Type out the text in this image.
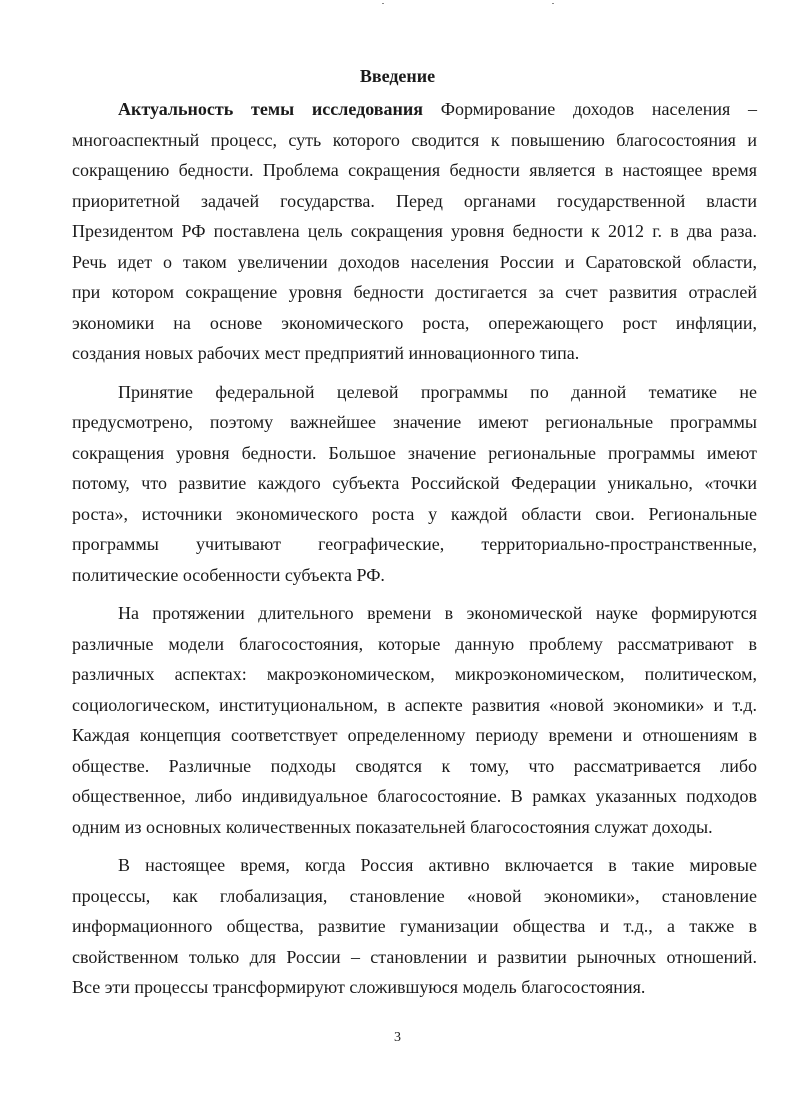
Введение
Актуальность темы исследования Формирование доходов населения –
многоаспектный процесс, суть которого сводится к повышению благосостояния и
сокращению бедности. Проблема сокращения бедности является в настоящее время
приоритетной задачей государства. Перед органами государственной власти
Президентом РФ поставлена цель сокращения уровня бедности к 2012 г. в два раза.
Речь идет о таком увеличении доходов населения России и Саратовской области,
при котором сокращение уровня бедности достигается за счет развития отраслей
экономики на основе экономического роста, опережающего рост инфляции,
создания новых рабочих мест предприятий инновационного типа.
Принятие федеральной целевой программы по данной тематике не
предусмотрено, поэтому важнейшее значение имеют региональные программы
сокращения уровня бедности. Большое значение региональные программы имеют
потому, что развитие каждого субъекта Российской Федерации уникально, «точки
роста», источники экономического роста у каждой области свои. Региональные
программы учитывают географические, территориально-пространственные,
политические особенности субъекта РФ.
На протяжении длительного времени в экономической науке формируются
различные модели благосостояния, которые данную проблему рассматривают в
различных аспектах: макроэкономическом, микроэкономическом, политическом,
социологическом, институциональном, в аспекте развития «новой экономики» и т.д.
Каждая концепция соответствует определенному периоду времени и отношениям в
обществе. Различные подходы сводятся к тому, что рассматривается либо
общественное, либо индивидуальное благосостояние. В рамках указанных подходов
одним из основных количественных показательней благосостояния служат доходы.
В настоящее время, когда Россия активно включается в такие мировые
процессы, как глобализация, становление «новой экономики», становление
информационного общества, развитие гуманизации общества и т.д., а также в
свойственном только для России – становлении и развитии рыночных отношений.
Все эти процессы трансформируют сложившуюся модель благосостояния.
3
